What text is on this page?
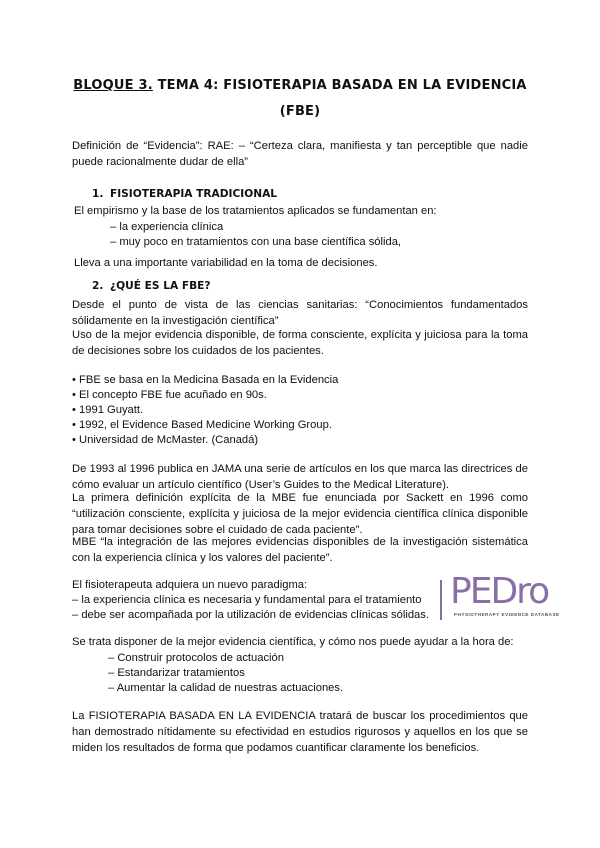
BLOQUE 3. TEMA 4: FISIOTERAPIA BASADA EN LA EVIDENCIA
(FBE)

Definición de “Evidencia”: RAE: – “Certeza clara, manifiesta y tan perceptible que nadie puede racionalmente dudar de ella”

1. FISIOTERAPIA TRADICIONAL

El empirismo y la base de los tratamientos aplicados se fundamentan en:

– la experiencia clínica

– muy poco en tratamientos con una base científica sólida,

Lleva a una importante variabilidad en la toma de decisiones.

2. ¿QUÉ ES LA FBE?

Desde el punto de vista de las ciencias sanitarias: “Conocimientos fundamentados sólidamente en la investigación científica”

Uso de la mejor evidencia disponible, de forma consciente, explícita y juiciosa para la toma de decisiones sobre los cuidados de los pacientes.

• FBE se basa en la Medicina Basada en la Evidencia

• El concepto FBE fue acuñado en 90s.

• 1991 Guyatt.

• 1992, el Evidence Based Medicine Working Group.

• Universidad de McMaster. (Canadá)

De 1993 al 1996 publica en JAMA una serie de artículos en los que marca las directrices de cómo evaluar un artículo científico (User’s Guides to the Medical Literature).

La primera definición explícita de la MBE fue enunciada por Sackett en 1996 como “utilización consciente, explícita y juiciosa de la mejor evidencia científica clínica disponible para tomar decisiones sobre el cuidado de cada paciente”.

MBE “la integración de las mejores evidencias disponibles de la investigación sistemática con la experiencia clínica y los valores del paciente”.

El fisioterapeuta adquiera un nuevo paradigma:

– la experiencia clínica es necesaria y fundamental para el tratamiento

– debe ser acompañada por la utilización de evidencias clínicas sólidas.

PEDro
PHYSIOTHERAPY EVIDENCE DATABASE

Se trata disponer de la mejor evidencia científica, y cómo nos puede ayudar a la hora de:

– Construir protocolos de actuación

– Estandarizar tratamientos

– Aumentar la calidad de nuestras actuaciones.

La FISIOTERAPIA BASADA EN LA EVIDENCIA tratará de buscar los procedimientos que han demostrado nítidamente su efectividad en estudios rigurosos y aquellos en los que se miden los resultados de forma que podamos cuantificar claramente los beneficios.
